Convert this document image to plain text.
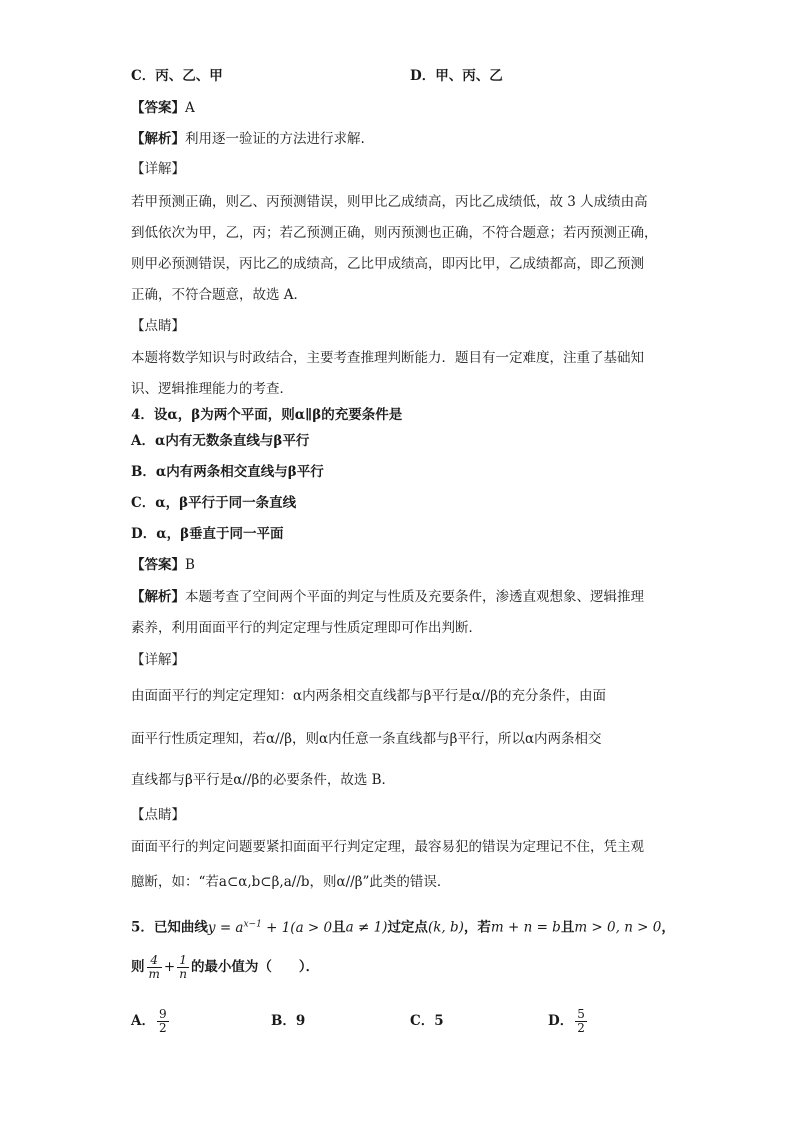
C．丙、乙、甲	D．甲、丙、乙
【答案】A
【解析】利用逐一验证的方法进行求解.
【详解】
若甲预测正确，则乙、丙预测错误，则甲比乙成绩高，丙比乙成绩低，故 3 人成绩由高
到低依次为甲，乙，丙；若乙预测正确，则丙预测也正确，不符合题意；若丙预测正确，
则甲必预测错误，丙比乙的成绩高，乙比甲成绩高，即丙比甲，乙成绩都高，即乙预测
正确，不符合题意，故选 A．
【点睛】
本题将数学知识与时政结合，主要考查推理判断能力．题目有一定难度，注重了基础知
识、逻辑推理能力的考查．
4．设α，β为两个平面，则α∥β的充要条件是
A．α内有无数条直线与β平行
B．α内有两条相交直线与β平行
C．α，β平行于同一条直线
D．α，β垂直于同一平面
【答案】B
【解析】本题考查了空间两个平面的判定与性质及充要条件，渗透直观想象、逻辑推理
素养，利用面面平行的判定定理与性质定理即可作出判断．
【详解】
由面面平行的判定定理知：α内两条相交直线都与β平行是α//β的充分条件，由面
面平行性质定理知，若α//β，则α内任意一条直线都与β平行，所以α内两条相交
直线都与β平行是α//β的必要条件，故选 B．
【点睛】
面面平行的判定问题要紧扣面面平行判定定理，最容易犯的错误为定理记不住，凭主观
臆断，如：“若a⊂α,b⊂β,a//b，则α//β”此类的错误．
5．已知曲线$y = a^{x-1} + 1(a > 0$且a ≠ 1)过定点(k, b)，若m + n = b且m > 0, n > 0，
则 $\frac{4}{m} + \frac{1}{n}$ 的最小值为（　　）．
A． $\frac{9}{2}$	B．9	C．5	D． $\frac{5}{2}$
